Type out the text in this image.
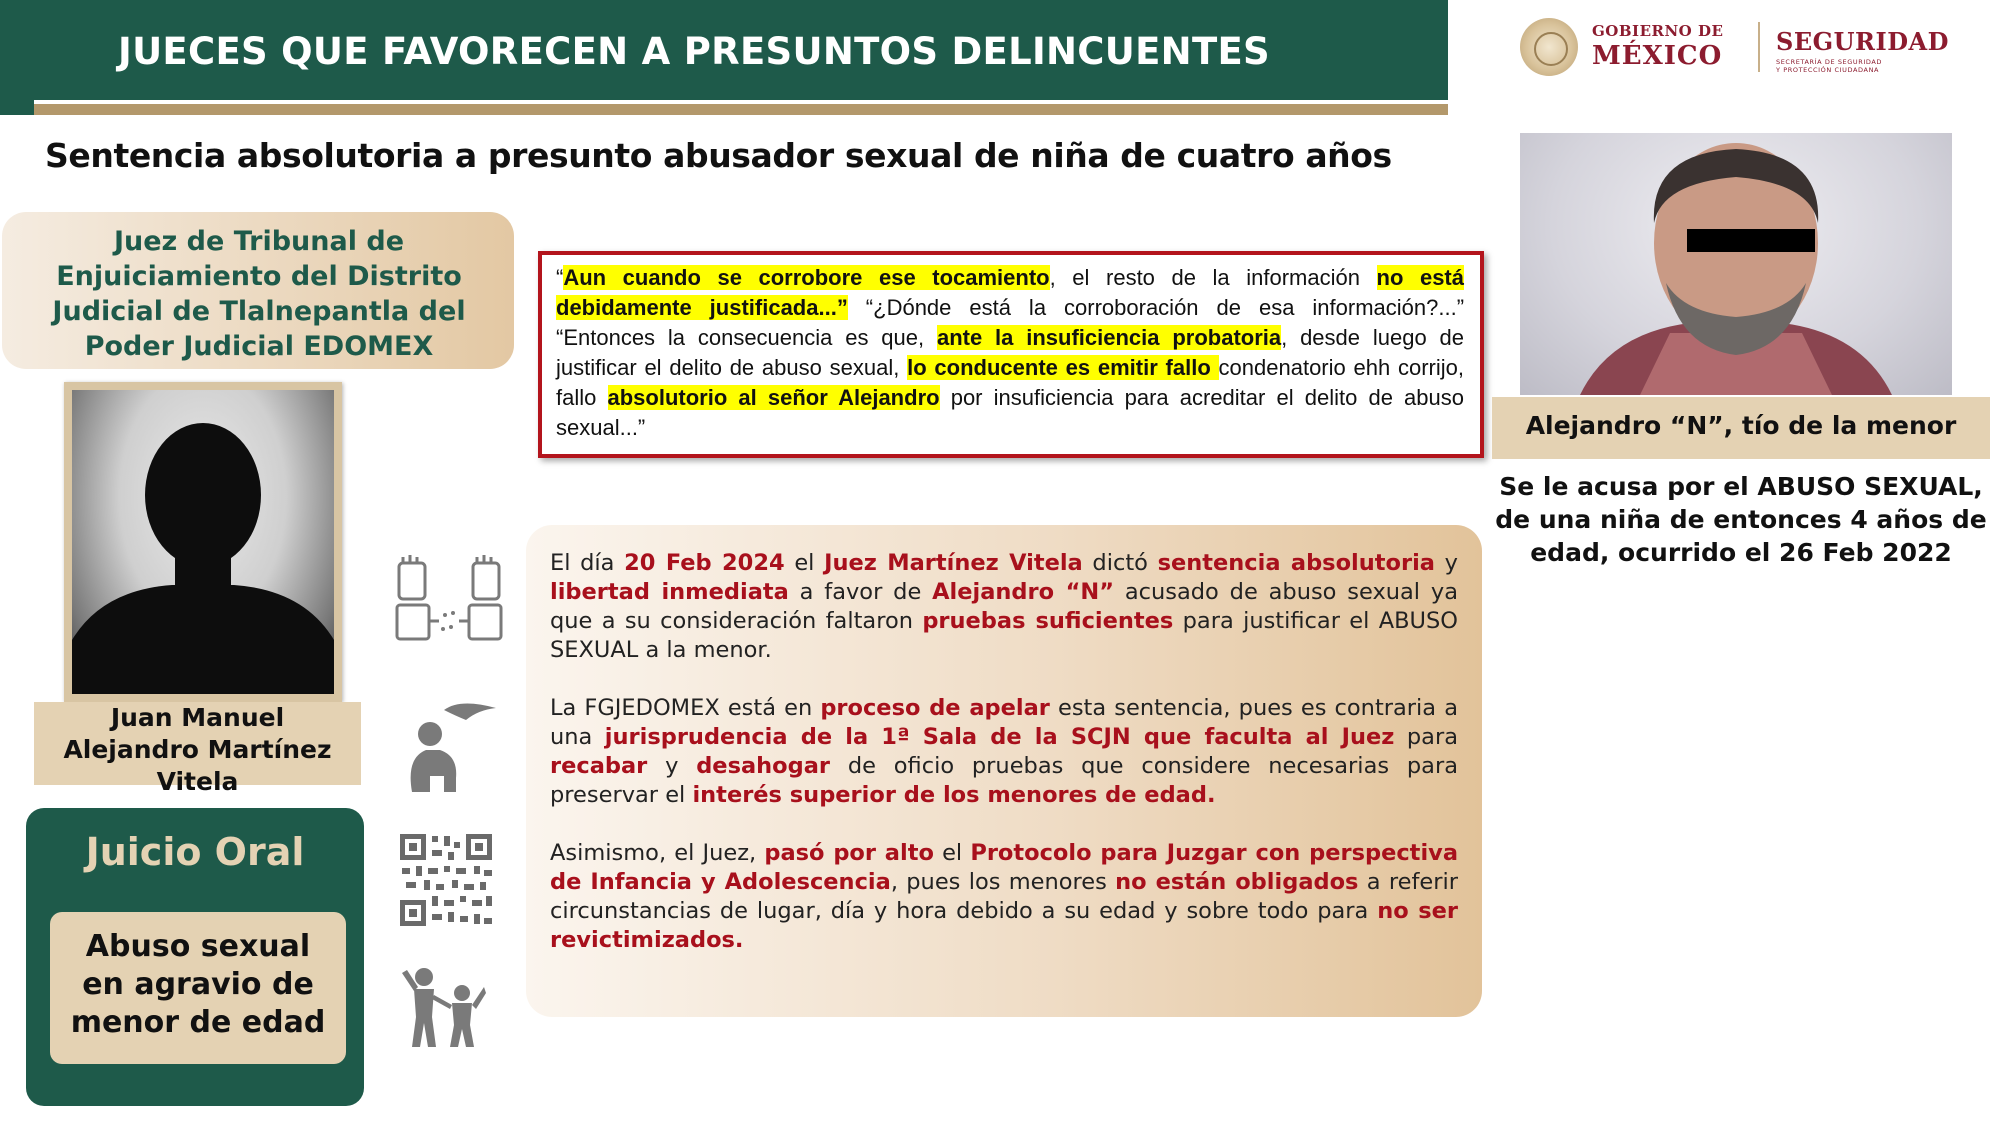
JUECES QUE FAVORECEN A PRESUNTOS DELINCUENTES	GOBIERNO DE
MÉXICO SEGURIDAD
SECRETARÍA DE SEGURIDAD
Y PROTECCIÓN CIUDADANA
Sentencia absolutoria a presunto abusador sexual de niña de cuatro años
Juez de Tribunal de
Enjuiciamiento del Distrito
Judicial de Tlalnepantla del
Poder Judicial EDOMEX
Juan Manuel
Alejandro Martínez
Vitela
Juicio Oral
Abuso sexual
en agravio de
menor de edad
“Aun cuando se corrobore ese tocamiento, el resto de la información no está debidamente justificada...” “¿Dónde está la corroboración de esa información?...” “Entonces la consecuencia es que, ante la insuficiencia probatoria, desde luego de justificar el delito de abuso sexual, lo conducente es emitir fallo condenatorio ehh corrijo, fallo absolutorio al señor Alejandro por insuficiencia para acreditar el delito de abuso sexual...”

El día 20 Feb 2024 el Juez Martínez Vitela dictó sentencia absolutoria y libertad inmediata a favor de Alejandro “N” acusado de abuso sexual ya que a su consideración faltaron pruebas suficientes para justificar el ABUSO SEXUAL a la menor.

La FGJEDOMEX está en proceso de apelar esta sentencia, pues es contraria a una jurisprudencia de la 1ª Sala de la SCJN que faculta al Juez para recabar y desahogar de oficio pruebas que considere necesarias para preservar el interés superior de los menores de edad.

Asimismo, el Juez, pasó por alto el Protocolo para Juzgar con perspectiva de Infancia y Adolescencia, pues los menores no están obligados a referir circunstancias de lugar, día y hora debido a su edad y sobre todo para no ser revictimizados.

Alejandro “N”, tío de la menor
Se le acusa por el ABUSO SEXUAL,
de una niña de entonces 4 años de
edad, ocurrido el 26 Feb 2022
